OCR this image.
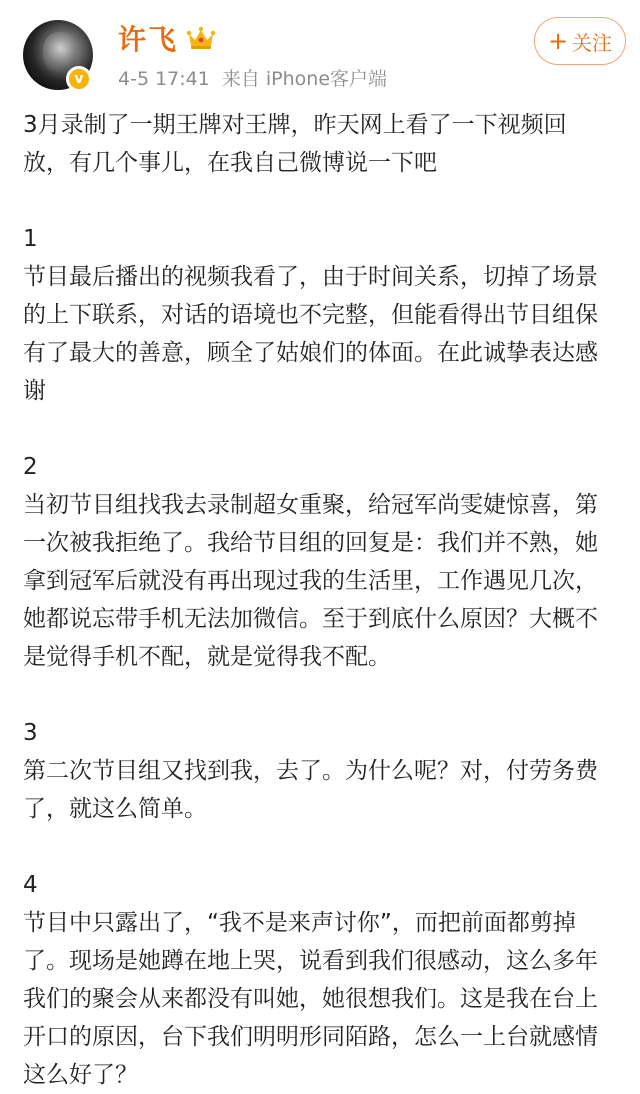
v
许飞
4-5 17:41 来自 iPhone客户端
+ 关注

3月录制了一期王牌对王牌，昨天网上看了一下视频回
放，有几个事儿，在我自己微博说一下吧

1
节目最后播出的视频我看了，由于时间关系，切掉了场景
的上下联系，对话的语境也不完整，但能看得出节目组保
有了最大的善意，顾全了姑娘们的体面。在此诚挚表达感
谢

2
当初节目组找我去录制超女重聚，给冠军尚雯婕惊喜，第
一次被我拒绝了。我给节目组的回复是：我们并不熟，她
拿到冠军后就没有再出现过我的生活里，工作遇见几次，
她都说忘带手机无法加微信。至于到底什么原因？大概不
是觉得手机不配，就是觉得我不配。

3
第二次节目组又找到我，去了。为什么呢？对，付劳务费
了，就这么简单。

4
节目中只露出了，“我不是来声讨你”，而把前面都剪掉
了。现场是她蹲在地上哭，说看到我们很感动，这么多年
我们的聚会从来都没有叫她，她很想我们。这是我在台上
开口的原因，台下我们明明形同陌路，怎么一上台就感情
这么好了？
